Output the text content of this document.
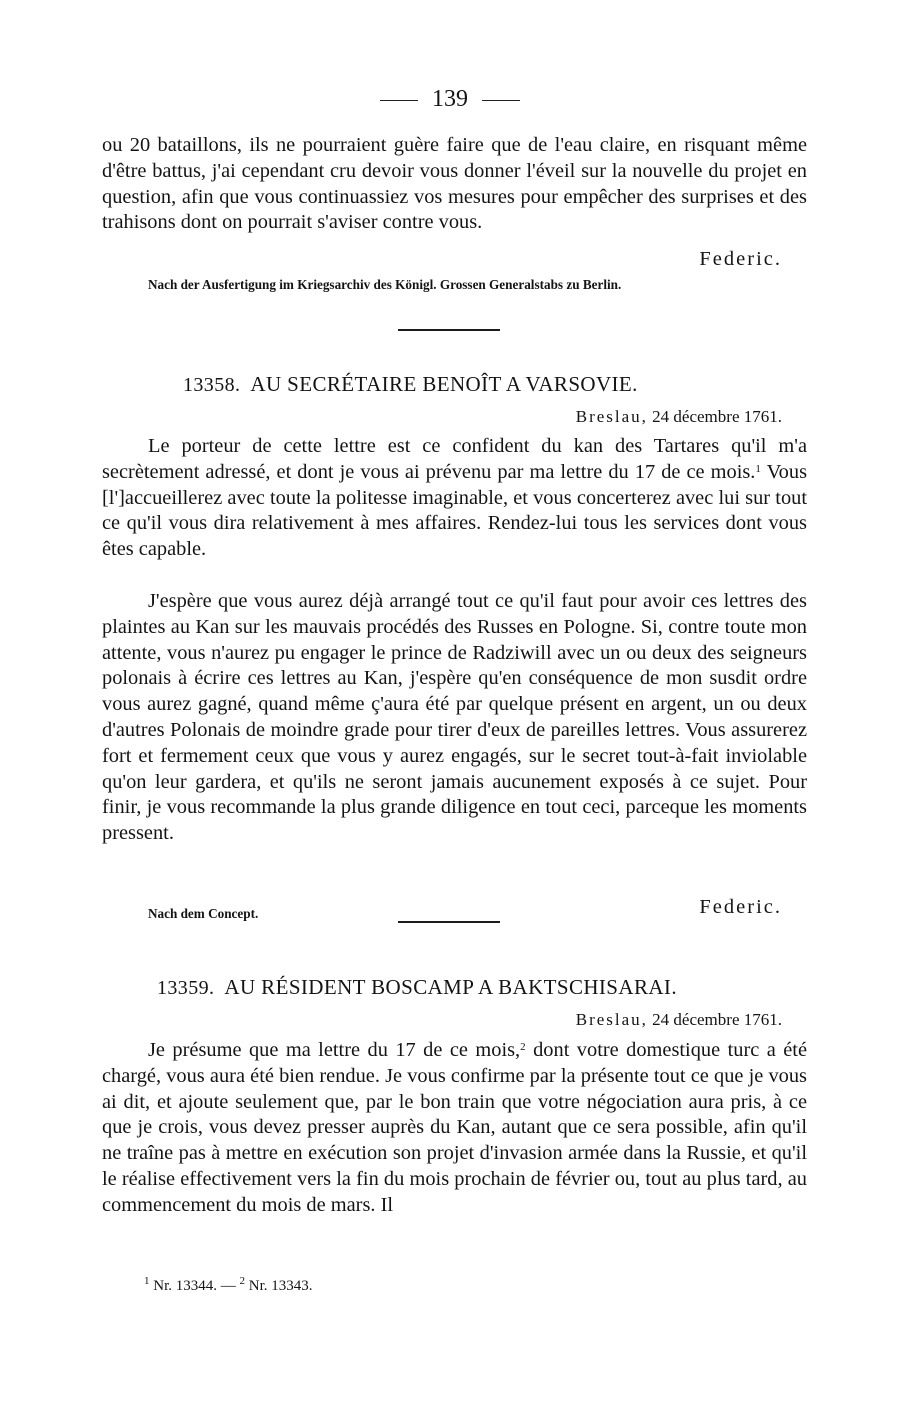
139

ou 20 bataillons, ils ne pourraient guère faire que de l'eau claire, en risquant même d'être battus, j'ai cependant cru devoir vous donner l'éveil sur la nouvelle du projet en question, afin que vous continuassiez vos mesures pour empêcher des surprises et des trahisons dont on pourrait s'aviser contre vous.

Federic.
Nach der Ausfertigung im Kriegsarchiv des Königl. Grossen Generalstabs zu Berlin.
13358. AU SECRÉTAIRE BENOÎT A VARSOVIE.
Breslau, 24 décembre 1761.

Le porteur de cette lettre est ce confident du kan des Tartares qu'il m'a secrètement adressé, et dont je vous ai prévenu par ma lettre du 17 de ce mois.$^1$ Vous [l']accueillerez avec toute la politesse imaginable, et vous concerterez avec lui sur tout ce qu'il vous dira relativement à mes affaires. Rendez-lui tous les services dont vous êtes capable.

J'espère que vous aurez déjà arrangé tout ce qu'il faut pour avoir ces lettres des plaintes au Kan sur les mauvais procédés des Russes en Pologne. Si, contre toute mon attente, vous n'aurez pu engager le prince de Radziwill avec un ou deux des seigneurs polonais à écrire ces lettres au Kan, j'espère qu'en conséquence de mon susdit ordre vous aurez gagné, quand même ç'aura été par quelque présent en argent, un ou deux d'autres Polonais de moindre grade pour tirer d'eux de pareilles lettres. Vous assurerez fort et fermement ceux que vous y aurez engagés, sur le secret tout-à-fait inviolable qu'on leur gardera, et qu'ils ne seront jamais aucunement exposés à ce sujet. Pour finir, je vous recommande la plus grande diligence en tout ceci, parceque les moments pressent.

Nach dem Concept.	Federic.
13359. AU RÉSIDENT BOSCAMP A BAKTSCHISARAI.
Breslau, 24 décembre 1761.

Je présume que ma lettre du 17 de ce mois,$^2$ dont votre domestique turc a été chargé, vous aura été bien rendue. Je vous confirme par la présente tout ce que je vous ai dit, et ajoute seulement que, par le bon train que votre négociation aura pris, à ce que je crois, vous devez presser auprès du Kan, autant que ce sera possible, afin qu'il ne traîne pas à mettre en exécution son projet d'invasion armée dans la Russie, et qu'il le réalise effectivement vers la fin du mois prochain de février ou, tout au plus tard, au commencement du mois de mars. Il

$^1$ Nr. 13344. — $^2$ Nr. 13343.
